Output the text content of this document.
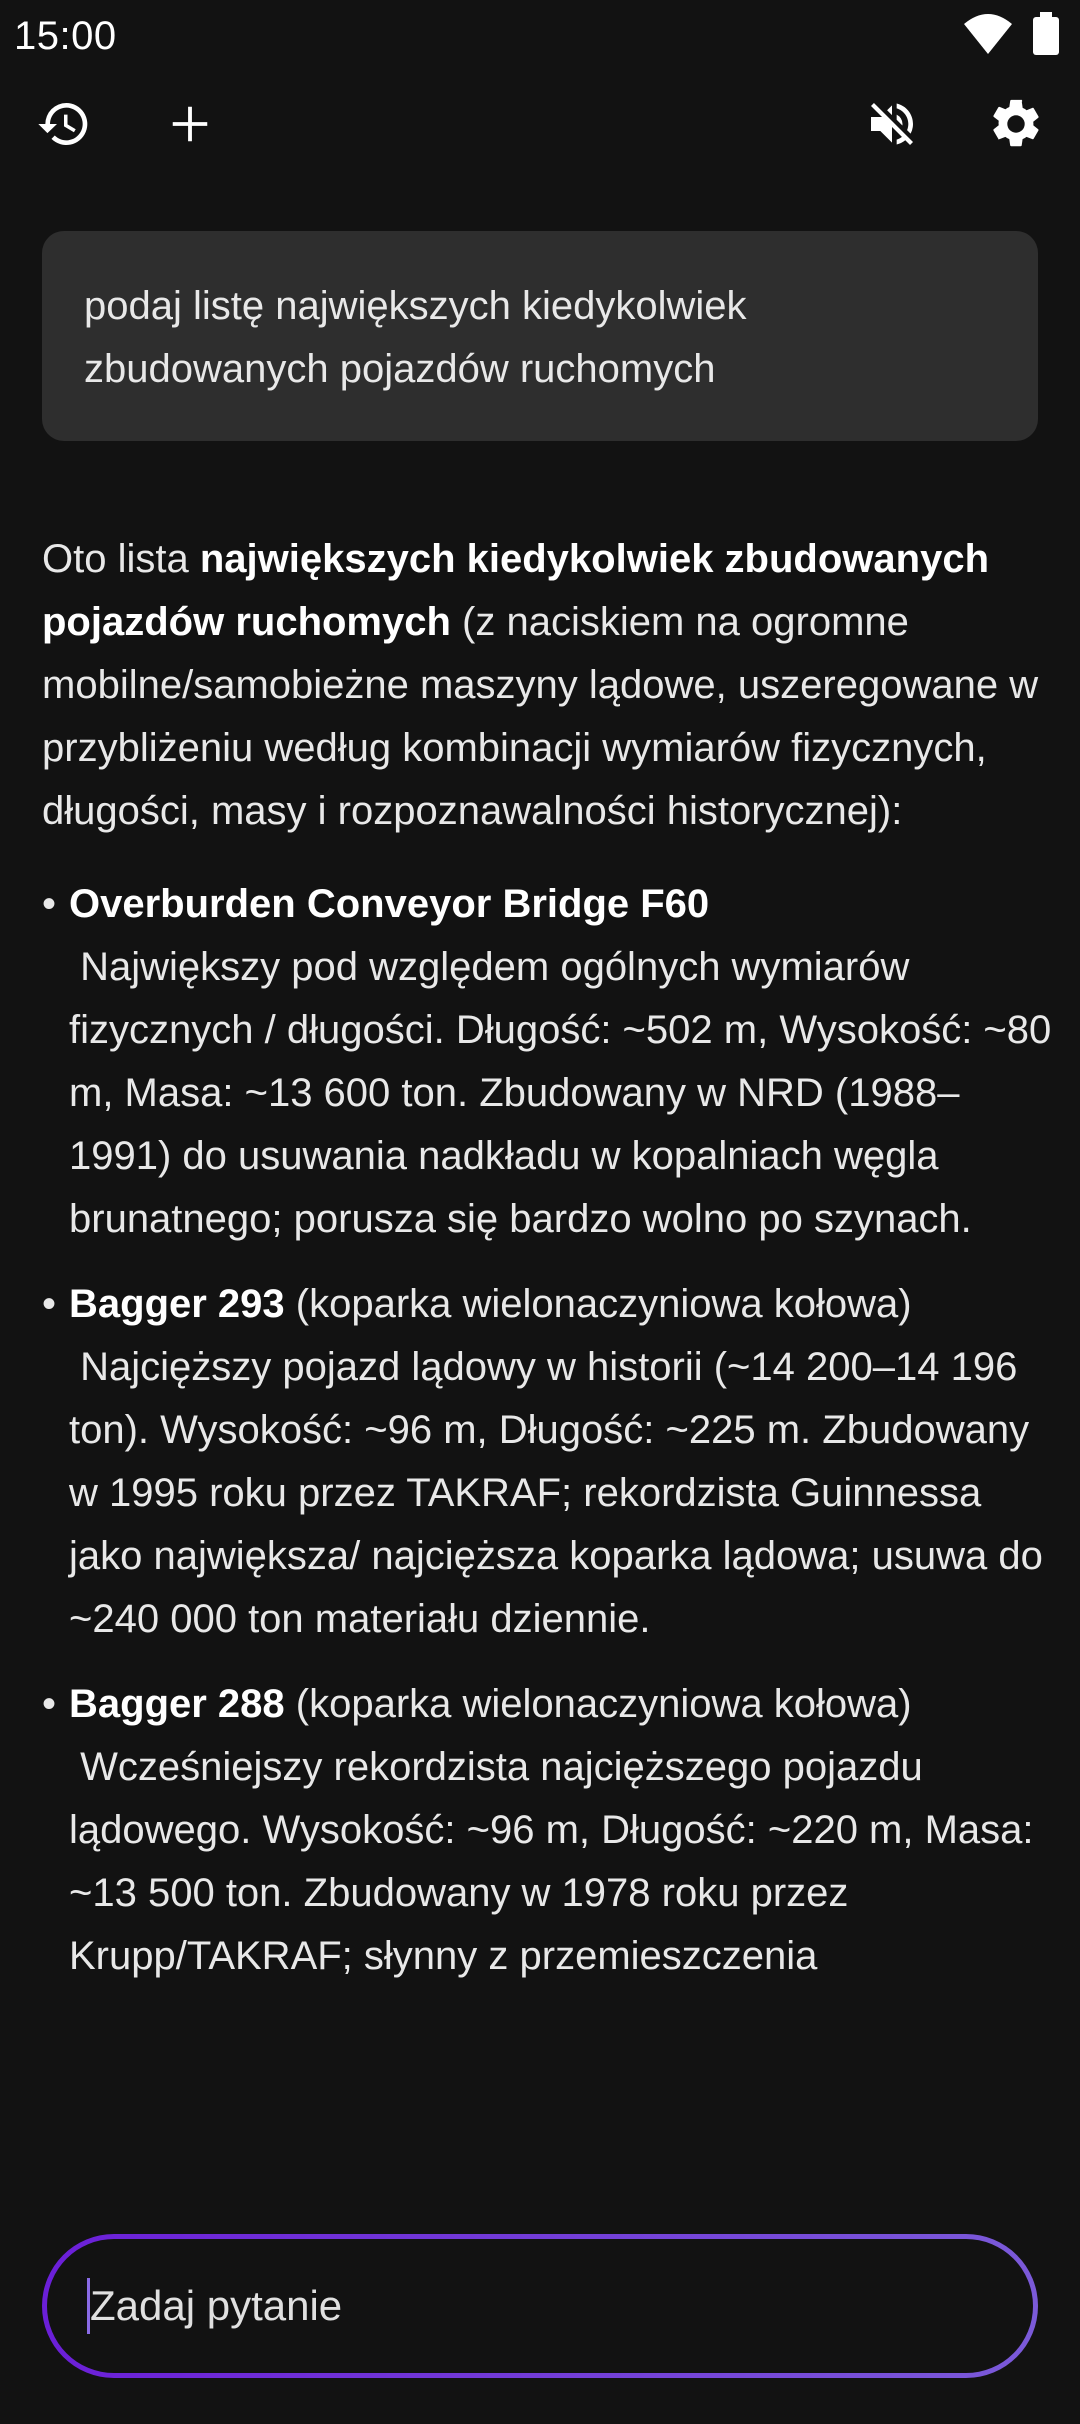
15:00
podaj listę największych kiedykolwiek zbudowanych pojazdów ruchomych

Oto lista największych kiedykolwiek zbudowanych pojazdów ruchomych (z naciskiem na ogromne mobilne/samobieżne maszyny lądowe, uszeregowane w przybliżeniu według kombinacji wymiarów fizycznych, długości, masy i rozpoznawalności historycznej):

• Overburden Conveyor Bridge F60
Największy pod względem ogólnych wymiarów fizycznych / długości. Długość: ~502 m, Wysokość: ~80 m, Masa: ~13 600 ton. Zbudowany w NRD (1988–1991) do usuwania nadkładu w kopalniach węgla brunatnego; porusza się bardzo wolno po szynach.
• Bagger 293 (koparka wielonaczyniowa kołowa)
Najcięższy pojazd lądowy w historii (~14 200–14 196 ton). Wysokość: ~96 m, Długość: ~225 m. Zbudowany w 1995 roku przez TAKRAF; rekordzista Guinnessa jako największa/ najcięższa koparka lądowa; usuwa do ~240 000 ton materiału dziennie.
• Bagger 288 (koparka wielonaczyniowa kołowa)
Wcześniejszy rekordzista najcięższego pojazdu lądowego. Wysokość: ~96 m, Długość: ~220 m, Masa: ~13 500 ton. Zbudowany w 1978 roku przez Krupp/TAKRAF; słynny z przemieszczenia
Zadaj pytanie
